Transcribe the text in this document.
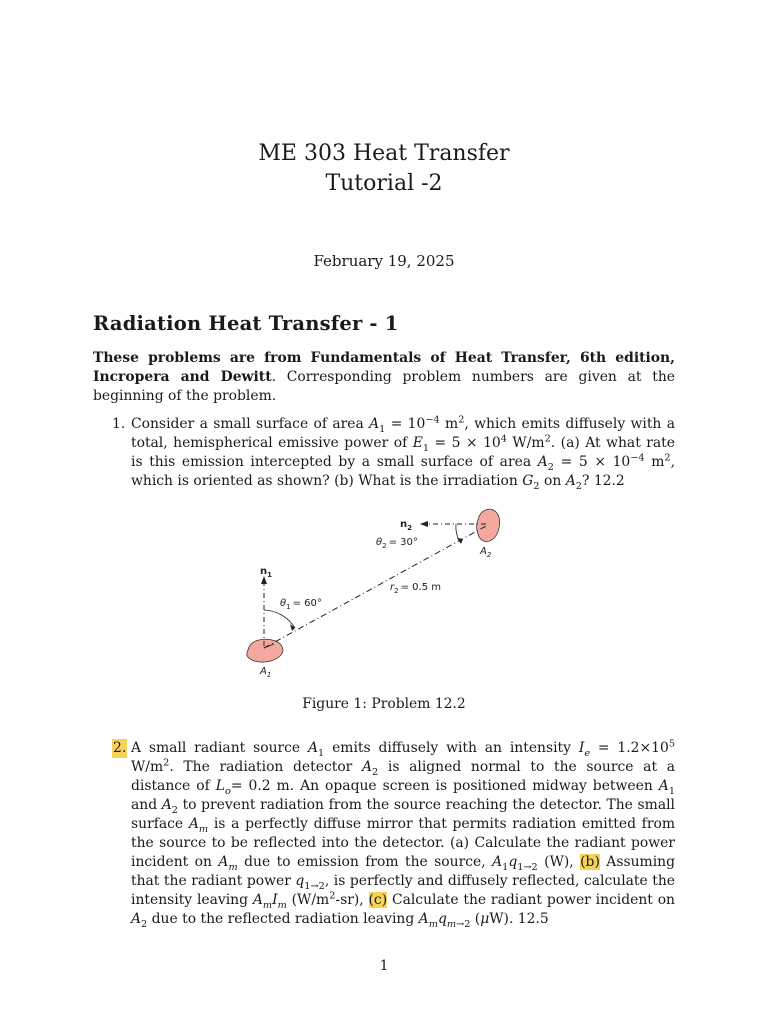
ME 303 Heat Transfer
Tutorial -2
February 19, 2025
Radiation Heat Transfer - 1
These problems are from Fundamentals of Heat Transfer, 6th edition, Incropera and Dewitt. Corresponding problem numbers are given at the beginning of the problem.
1. Consider a small surface of area $A_1 = 10^{-4}$ $m^2$, which emits diffusely with a total, hemispherical emissive power of $E_1 = 5 \times 10^4$ $W/m^2$. (a) At what rate is this emission intercepted by a small surface of area $A_2 = 5 \times 10^{-4}$ $m^2$, which is oriented as shown? (b) What is the irradiation $G_2$ on $A_2$? 12.2
$n_1$
$n_2$
$\theta_1 = 60^\circ$
$\theta_2 = 30^\circ$
$r_2 = 0.5$ m
$A_1$
$A_2$
Figure 1: Problem 12.2
2. A small radiant source $A_1$ emits diffusely with an intensity $I_e = 1.2\times 10^5$ $W/m^2$. The radiation detector $A_2$ is aligned normal to the source at a distance of $L_o= 0.2$ m. An opaque screen is positioned midway between $A_1$ and $A_2$ to prevent radiation from the source reaching the detector. The small surface $A_m$ is a perfectly diffuse mirror that permits radiation emitted from the source to be reflected into the detector. (a) Calculate the radiant power incident on $A_m$ due to emission from the source, $A_1q_{1\to 2}$ (W), (b) Assuming that the radiant power $q_{1\to 2}$, is perfectly and diffusely reflected, calculate the intensity leaving $A_mI_m$ $(W/m^2-sr)$, (c) Calculate the radiant power incident on $A_2$ due to the reflected radiation leaving $A_mq_{m\to 2}$ (μW). 12.5
1
